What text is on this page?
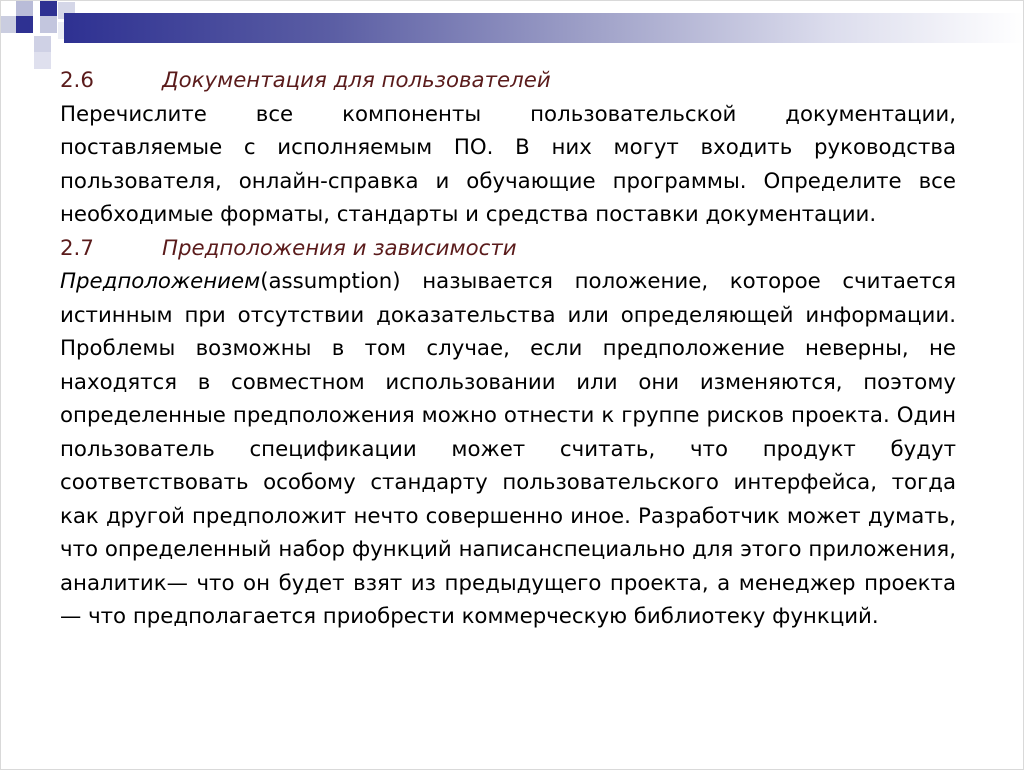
2.6	Документация для пользователей

Перечислите все компоненты пользовательской документации, поставляемые с исполняемым ПО. В них могут входить руководства пользователя, онлайн-справка и обучающие программы. Определите все необходимые форматы, стандарты и средства поставки документации.

2.7	Предположения и зависимости

Предположением(assumption) называется положение, которое считается истинным при отсутствии доказательства или определяющей информации. Проблемы возможны в том случае, если предположение неверны, не находятся в совместном использовании или они изменяются, поэтому определенные предположения можно отнести к группе рисков проекта. Один пользователь спецификации может считать, что продукт будут соответствовать особому стандарту пользовательского интерфейса, тогда как другой предположит нечто совершенно иное. Разработчик может думать, что определенный набор функций написанспециально для этого приложения, аналитик— что он будет взят из предыдущего проекта, а менеджер проекта— что предполагается приобрести коммерческую библиотеку функций.
